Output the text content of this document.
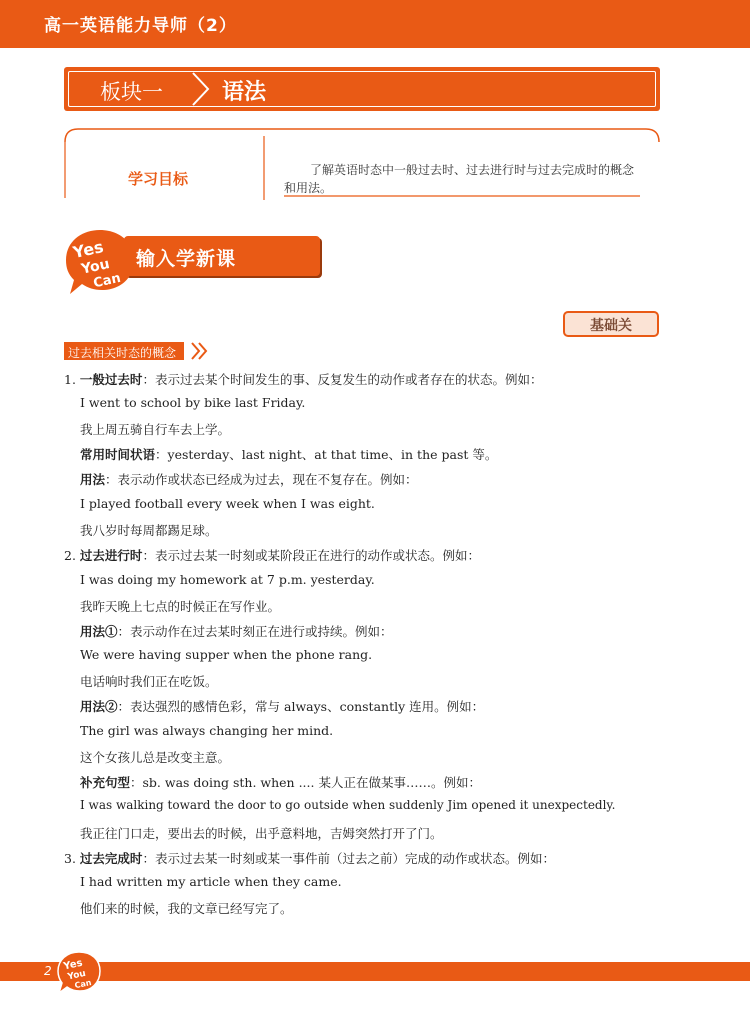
高一英语能力导师（2）
板块一	语法
学习目标	了解英语时态中一般过去时、过去进行时与过去完成时的概念和用法。
输入学新课
Yes
You
Can
基础关
过去相关时态的概念
1. 一般过去时：表示过去某个时间发生的事、反复发生的动作或者存在的状态。例如：
I went to school by bike last Friday.
我上周五骑自行车去上学。
常用时间状语：yesterday、last night、at that time、in the past 等。
用法：表示动作或状态已经成为过去，现在不复存在。例如：
I played football every week when I was eight.
我八岁时每周都踢足球。
2. 过去进行时：表示过去某一时刻或某阶段正在进行的动作或状态。例如：
I was doing my homework at 7 p.m. yesterday.
我昨天晚上七点的时候正在写作业。
用法①：表示动作在过去某时刻正在进行或持续。例如：
We were having supper when the phone rang.
电话响时我们正在吃饭。
用法②：表达强烈的感情色彩，常与 always、constantly 连用。例如：
The girl was always changing her mind.
这个女孩儿总是改变主意。
补充句型：sb. was doing sth. when .... 某人正在做某事……。例如：
I was walking toward the door to go outside when suddenly Jim opened it unexpectedly.
我正往门口走，要出去的时候，出乎意料地，吉姆突然打开了门。
3. 过去完成时：表示过去某一时刻或某一事件前（过去之前）完成的动作或状态。例如：
I had written my article when they came.
他们来的时候，我的文章已经写完了。
2 Yes
You
Can
